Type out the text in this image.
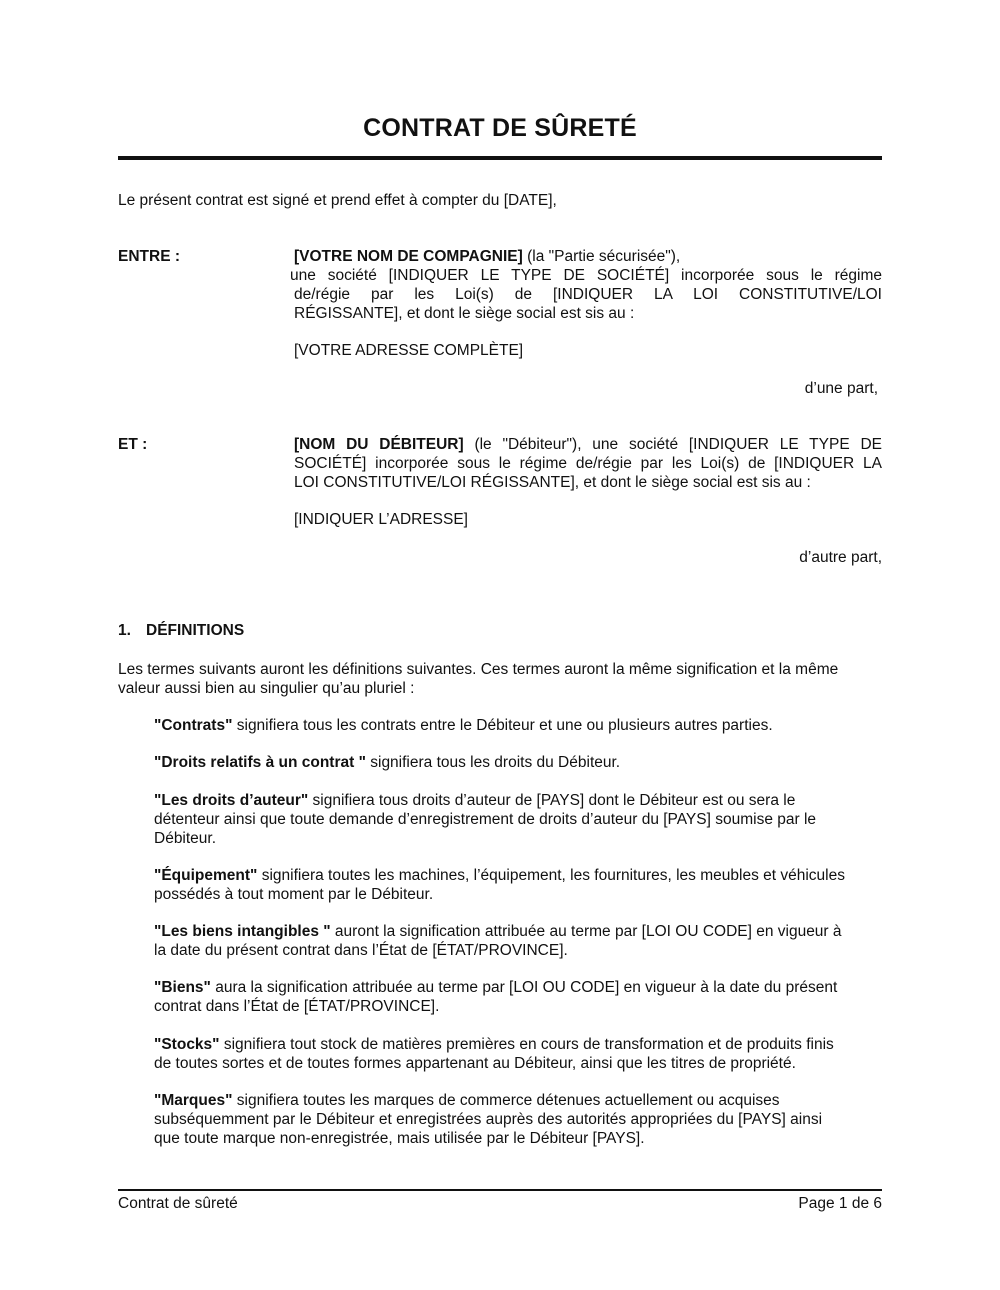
CONTRAT DE SÛRETÉ
Le présent contrat est signé et prend effet à compter du [DATE],
ENTRE :	[VOTRE NOM DE COMPAGNIE] (la "Partie sécurisée"),
une société [INDIQUER LE TYPE DE SOCIÉTÉ] incorporée sous le régime
de/régie par les Loi(s) de [INDIQUER LA LOI CONSTITUTIVE/LOI
RÉGISSANTE], et dont le siège social est sis au :
[VOTRE ADRESSE COMPLÈTE]
d’une part,
ET :	[NOM DU DÉBITEUR] (le "Débiteur"), une société [INDIQUER LE TYPE DE
SOCIÉTÉ] incorporée sous le régime de/régie par les Loi(s) de [INDIQUER LA
LOI CONSTITUTIVE/LOI RÉGISSANTE], et dont le siège social est sis au :
[INDIQUER L’ADRESSE]
d’autre part,
1. DÉFINITIONS
Les termes suivants auront les définitions suivantes. Ces termes auront la même signification et la même
valeur aussi bien au singulier qu’au pluriel :
"Contrats" signifiera tous les contrats entre le Débiteur et une ou plusieurs autres parties.
"Droits relatifs à un contrat " signifiera tous les droits du Débiteur.
"Les droits d’auteur" signifiera tous droits d’auteur de [PAYS] dont le Débiteur est ou sera le
détenteur ainsi que toute demande d’enregistrement de droits d’auteur du [PAYS] soumise par le
Débiteur.
"Équipement" signifiera toutes les machines, l’équipement, les fournitures, les meubles et véhicules
possédés à tout moment par le Débiteur.
"Les biens intangibles " auront la signification attribuée au terme par [LOI OU CODE] en vigueur à
la date du présent contrat dans l’État de [ÉTAT/PROVINCE].
"Biens" aura la signification attribuée au terme par [LOI OU CODE] en vigueur à la date du présent
contrat dans l’État de [ÉTAT/PROVINCE].
"Stocks" signifiera tout stock de matières premières en cours de transformation et de produits finis
de toutes sortes et de toutes formes appartenant au Débiteur, ainsi que les titres de propriété.
"Marques" signifiera toutes les marques de commerce détenues actuellement ou acquises
subséquemment par le Débiteur et enregistrées auprès des autorités appropriées du [PAYS] ainsi
que toute marque non-enregistrée, mais utilisée par le Débiteur [PAYS].
Contrat de sûreté	Page 1 de 6
